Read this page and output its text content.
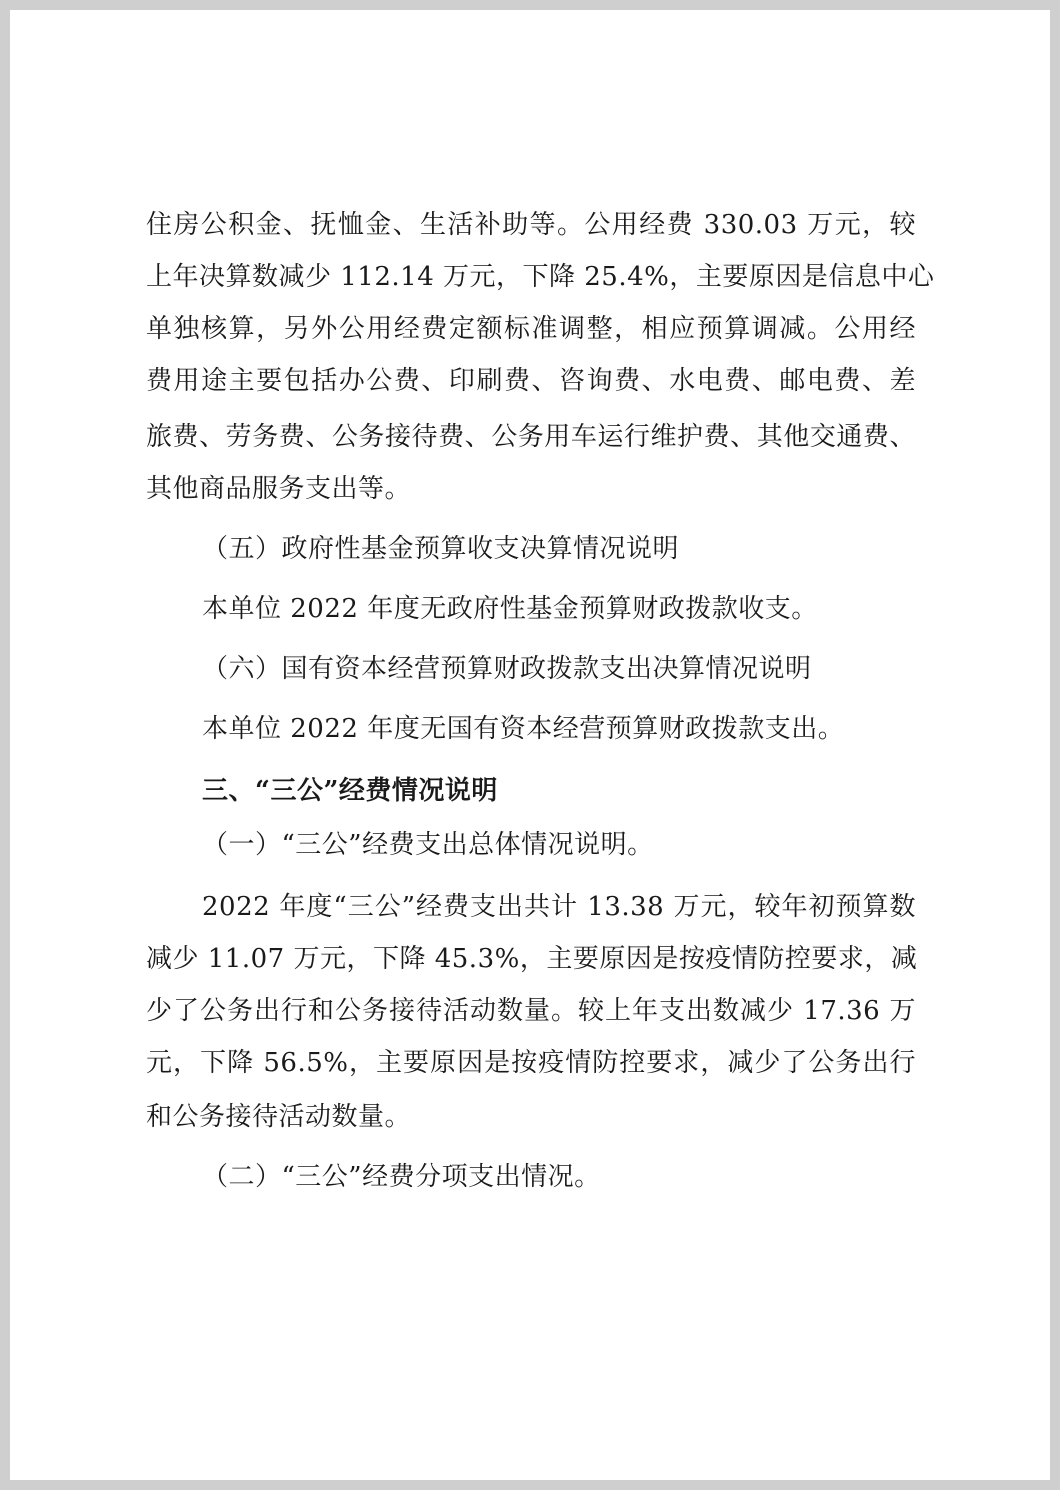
住房公积金、抚恤金、生活补助等。公用经费 330.03 万元，较
上年决算数减少 112.14 万元，下降 25.4%，主要原因是信息中心
单独核算，另外公用经费定额标准调整，相应预算调减。公用经
费用途主要包括办公费、印刷费、咨询费、水电费、邮电费、差
旅费、劳务费、公务接待费、公务用车运行维护费、其他交通费、
其他商品服务支出等。
（五）政府性基金预算收支决算情况说明
本单位 2022 年度无政府性基金预算财政拨款收支。
（六）国有资本经营预算财政拨款支出决算情况说明
本单位 2022 年度无国有资本经营预算财政拨款支出。
三、“三公”经费情况说明
（一）“三公”经费支出总体情况说明。
2022 年度“三公”经费支出共计 13.38 万元，较年初预算数
减少 11.07 万元，下降 45.3%，主要原因是按疫情防控要求，减
少了公务出行和公务接待活动数量。较上年支出数减少 17.36 万
元，下降 56.5%，主要原因是按疫情防控要求，减少了公务出行
和公务接待活动数量。
（二）“三公”经费分项支出情况。
